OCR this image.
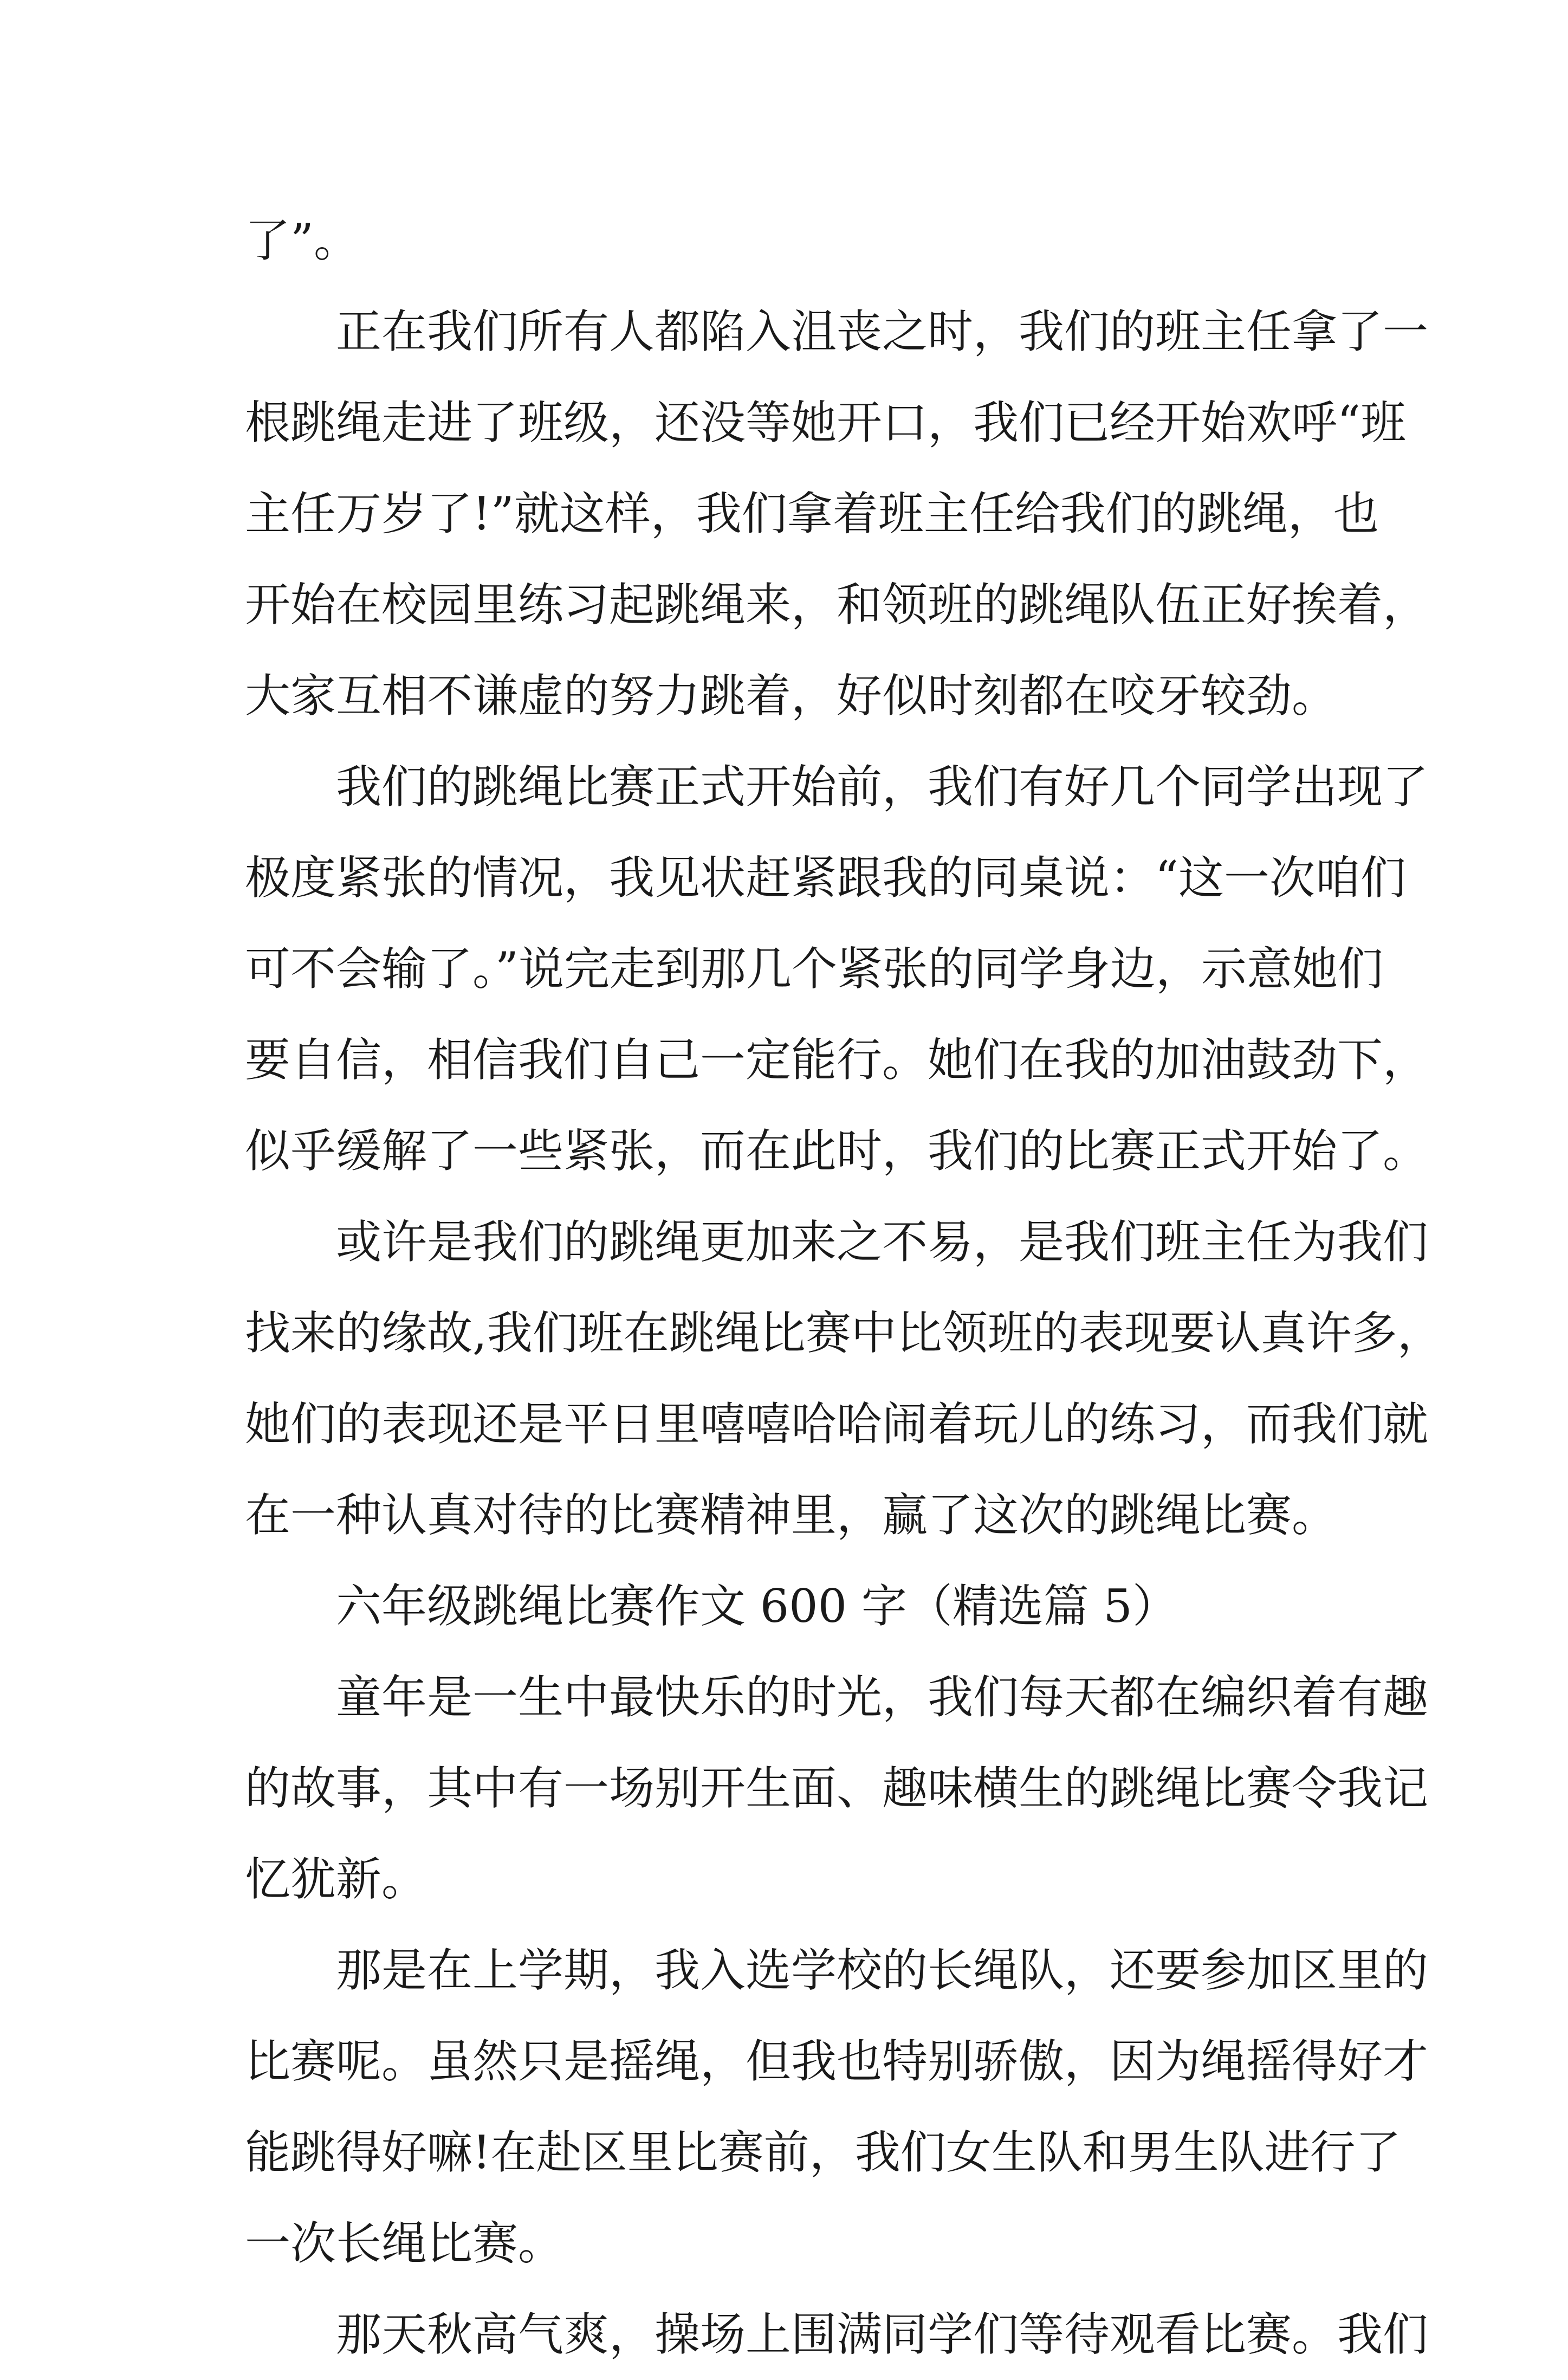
了”。
正在我们所有人都陷入沮丧之时，我们的班主任拿了一
根跳绳走进了班级，还没等她开口，我们已经开始欢呼“班
主任万岁了!”就这样，我们拿着班主任给我们的跳绳，也
开始在校园里练习起跳绳来，和领班的跳绳队伍正好挨着，
大家互相不谦虚的努力跳着，好似时刻都在咬牙较劲。
我们的跳绳比赛正式开始前，我们有好几个同学出现了
极度紧张的情况，我见状赶紧跟我的同桌说：“这一次咱们
可不会输了。”说完走到那几个紧张的同学身边，示意她们
要自信，相信我们自己一定能行。她们在我的加油鼓劲下，
似乎缓解了一些紧张，而在此时，我们的比赛正式开始了。
或许是我们的跳绳更加来之不易，是我们班主任为我们
找来的缘故,我们班在跳绳比赛中比领班的表现要认真许多，
她们的表现还是平日里嘻嘻哈哈闹着玩儿的练习，而我们就
在一种认真对待的比赛精神里，赢了这次的跳绳比赛。
六年级跳绳比赛作文 600 字（精选篇 5）
童年是一生中最快乐的时光，我们每天都在编织着有趣
的故事，其中有一场别开生面、趣味横生的跳绳比赛令我记
忆犹新。
那是在上学期，我入选学校的长绳队，还要参加区里的
比赛呢。虽然只是摇绳，但我也特别骄傲，因为绳摇得好才
能跳得好嘛!在赴区里比赛前，我们女生队和男生队进行了
一次长绳比赛。
那天秋高气爽，操场上围满同学们等待观看比赛。我们
